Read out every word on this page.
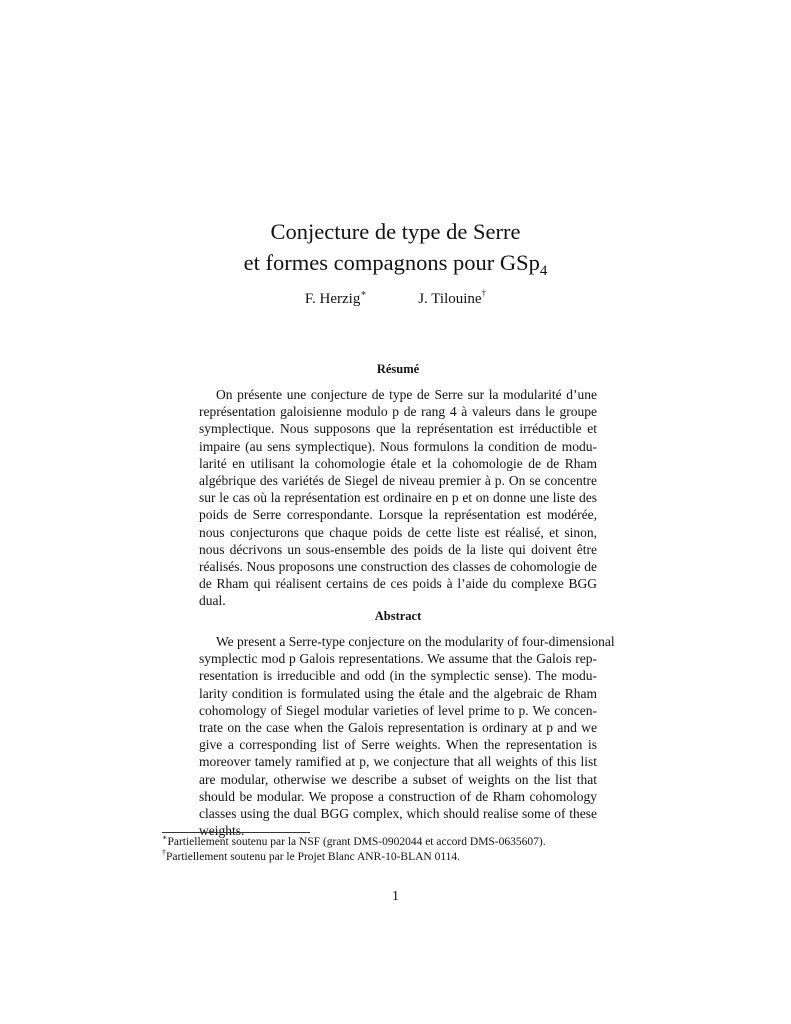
Conjecture de type de Serre
et formes compagnons pour GSp$_4$
F. Herzig∗	J. Tilouine†

Résumé

On présente une conjecture de type de Serre sur la modularité d’une
représentation galoisienne modulo p de rang 4 à valeurs dans le groupe
symplectique. Nous supposons que la représentation est irréductible et
impaire (au sens symplectique). Nous formulons la condition de modu-
larité en utilisant la cohomologie étale et la cohomologie de de Rham
algébrique des variétés de Siegel de niveau premier à p. On se concentre
sur le cas où la représentation est ordinaire en p et on donne une liste des
poids de Serre correspondante. Lorsque la représentation est modérée,
nous conjecturons que chaque poids de cette liste est réalisé, et sinon,
nous décrivons un sous-ensemble des poids de la liste qui doivent être
réalisés. Nous proposons une construction des classes de cohomologie de
de Rham qui réalisent certains de ces poids à l’aide du complexe BGG
dual.

Abstract

We present a Serre-type conjecture on the modularity of four-dimensional
symplectic mod p Galois representations. We assume that the Galois rep-
resentation is irreducible and odd (in the symplectic sense). The modu-
larity condition is formulated using the étale and the algebraic de Rham
cohomology of Siegel modular varieties of level prime to p. We concen-
trate on the case when the Galois representation is ordinary at p and we
give a corresponding list of Serre weights. When the representation is
moreover tamely ramified at p, we conjecture that all weights of this list
are modular, otherwise we describe a subset of weights on the list that
should be modular. We propose a construction of de Rham cohomology
classes using the dual BGG complex, which should realise some of these
weights.

∗Partiellement soutenu par la NSF (grant DMS-0902044 et accord DMS-0635607).
†Partiellement soutenu par le Projet Blanc ANR-10-BLAN 0114.
1
